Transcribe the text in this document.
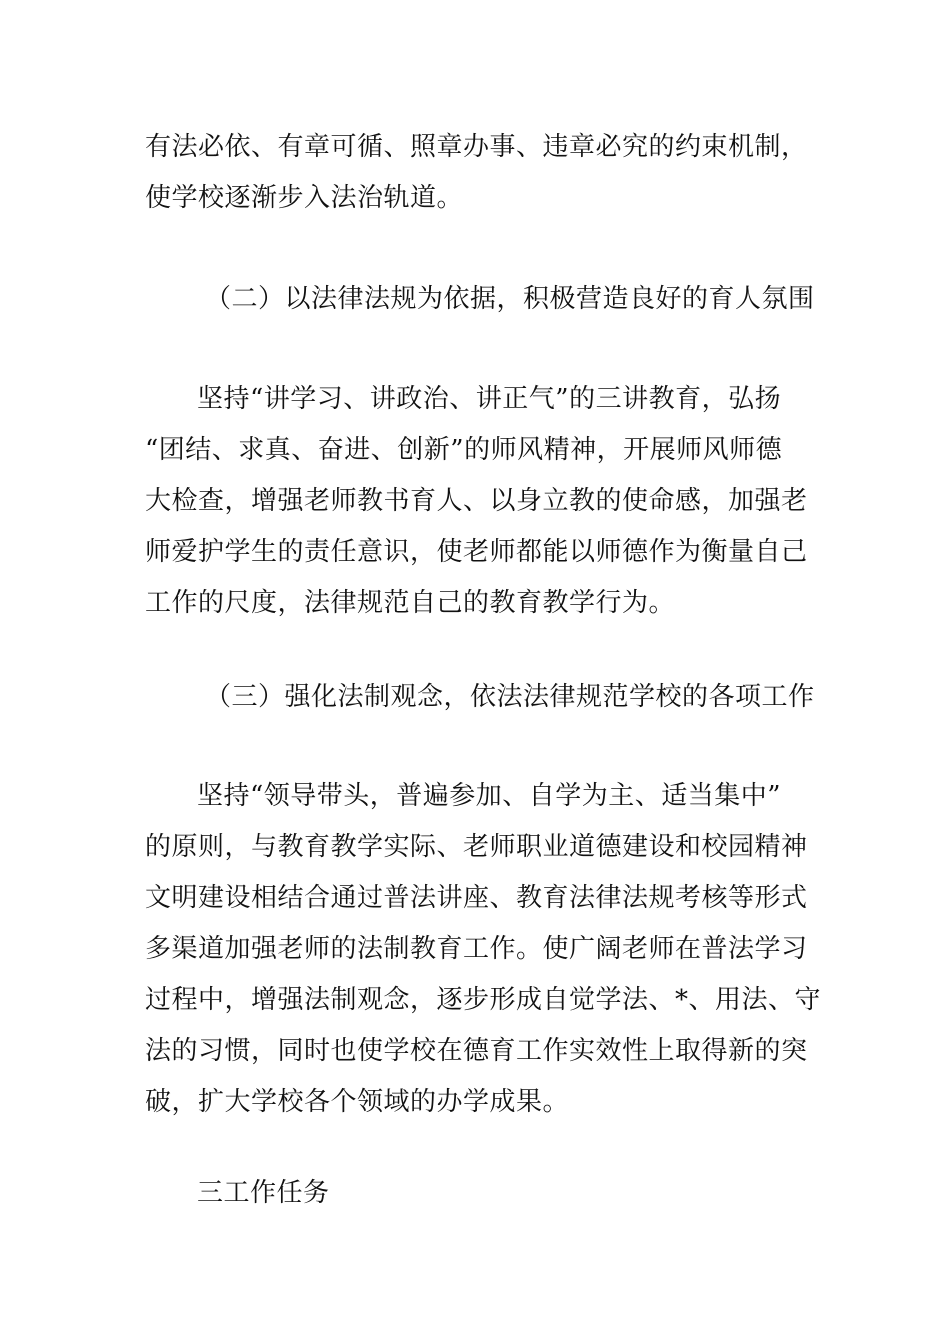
有法必依、有章可循、照章办事、违章必究的约束机制，
使学校逐渐步入法治轨道。

（二）以法律法规为依据，积极营造良好的育人氛围

坚持“讲学习、讲政治、讲正气”的三讲教育，弘扬
“团结、求真、奋进、创新”的师风精神，开展师风师德
大检查，增强老师教书育人、以身立教的使命感，加强老
师爱护学生的责任意识，使老师都能以师德作为衡量自己
工作的尺度，法律规范自己的教育教学行为。

（三）强化法制观念，依法法律规范学校的各项工作

坚持“领导带头，普遍参加、自学为主、适当集中”
的原则，与教育教学实际、老师职业道德建设和校园精神
文明建设相结合通过普法讲座、教育法律法规考核等形式
多渠道加强老师的法制教育工作。使广阔老师在普法学习
过程中，增强法制观念，逐步形成自觉学法、*、用法、守
法的习惯，同时也使学校在德育工作实效性上取得新的突
破，扩大学校各个领域的办学成果。

三工作任务
